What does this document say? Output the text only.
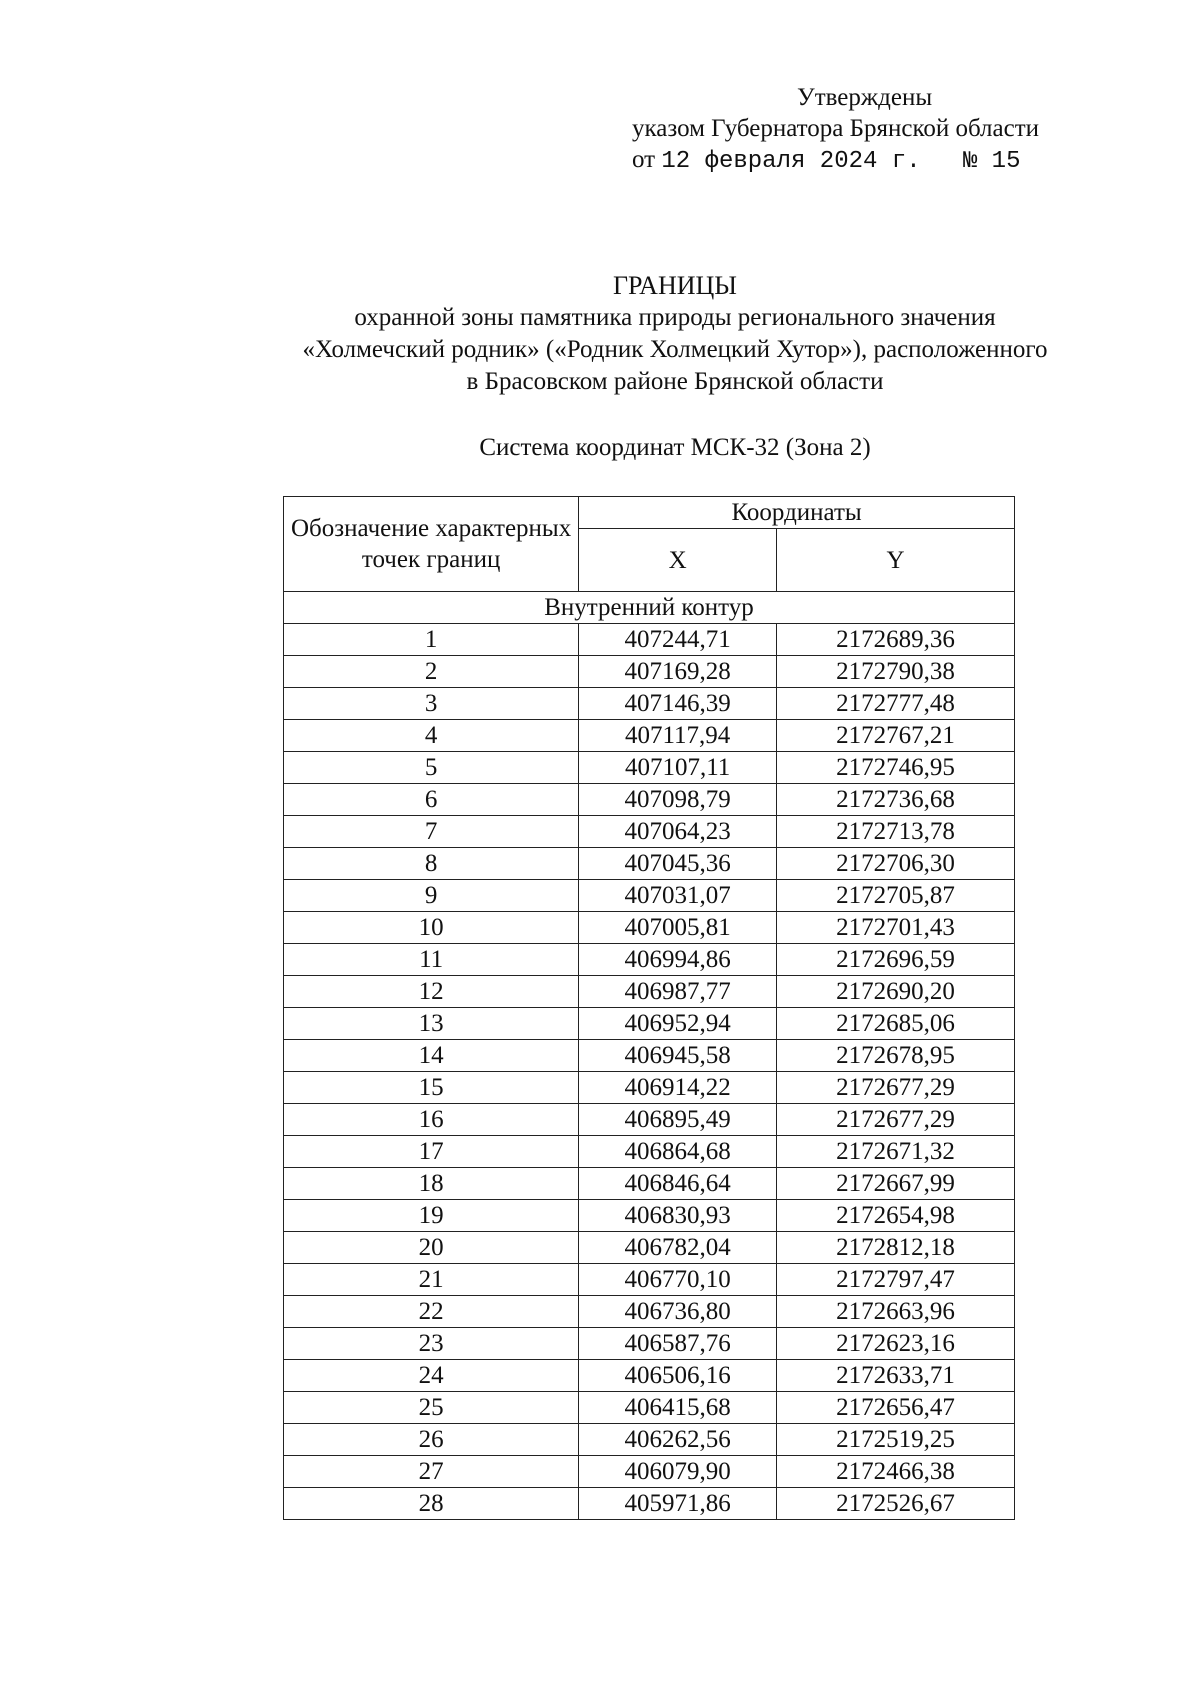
Утверждены
указом Губернатора Брянской области
от 12 февраля 2024 г. № 15
ГРАНИЦЫ
охранной зоны памятника природы регионального значения
«Холмечский родник» («Родник Холмецкий Хутор»), расположенного
в Брасовском районе Брянской области
Система координат МСК-32 (Зона 2)
Обозначение характерных точек границ	Координаты	
	X	Y
Внутренний контур		
1	407244,71	2172689,36
2	407169,28	2172790,38
3	407146,39	2172777,48
4	407117,94	2172767,21
5	407107,11	2172746,95
6	407098,79	2172736,68
7	407064,23	2172713,78
8	407045,36	2172706,30
9	407031,07	2172705,87
10	407005,81	2172701,43
11	406994,86	2172696,59
12	406987,77	2172690,20
13	406952,94	2172685,06
14	406945,58	2172678,95
15	406914,22	2172677,29
16	406895,49	2172677,29
17	406864,68	2172671,32
18	406846,64	2172667,99
19	406830,93	2172654,98
20	406782,04	2172812,18
21	406770,10	2172797,47
22	406736,80	2172663,96
23	406587,76	2172623,16
24	406506,16	2172633,71
25	406415,68	2172656,47
26	406262,56	2172519,25
27	406079,90	2172466,38
28	405971,86	2172526,67
